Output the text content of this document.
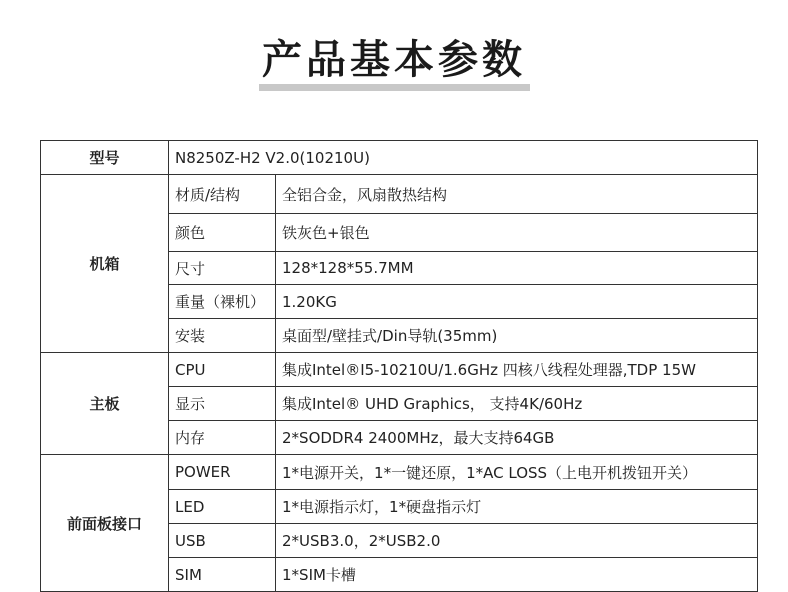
产品基本参数
型号	N8250Z-H2 V2.0(10210U)	
机箱	材质/结构	全铝合金，风扇散热结构
	颜色	铁灰色+银色
	尺寸	128*128*55.7MM
	重量（裸机）	1.20KG
	安装	桌面型/壁挂式/Din导轨(35mm)
主板	CPU	集成Intel®I5-10210U/1.6GHz 四核八线程处理器,TDP 15W
	显示	集成Intel® UHD Graphics， 支持4K/60Hz
	内存	2*SODDR4 2400MHz，最大支持64GB
前面板接口	POWER	1*电源开关，1*一键还原，1*AC LOSS（上电开机拨钮开关）
	LED	1*电源指示灯，1*硬盘指示灯
	USB	2*USB3.0，2*USB2.0
	SIM	1*SIM卡槽
